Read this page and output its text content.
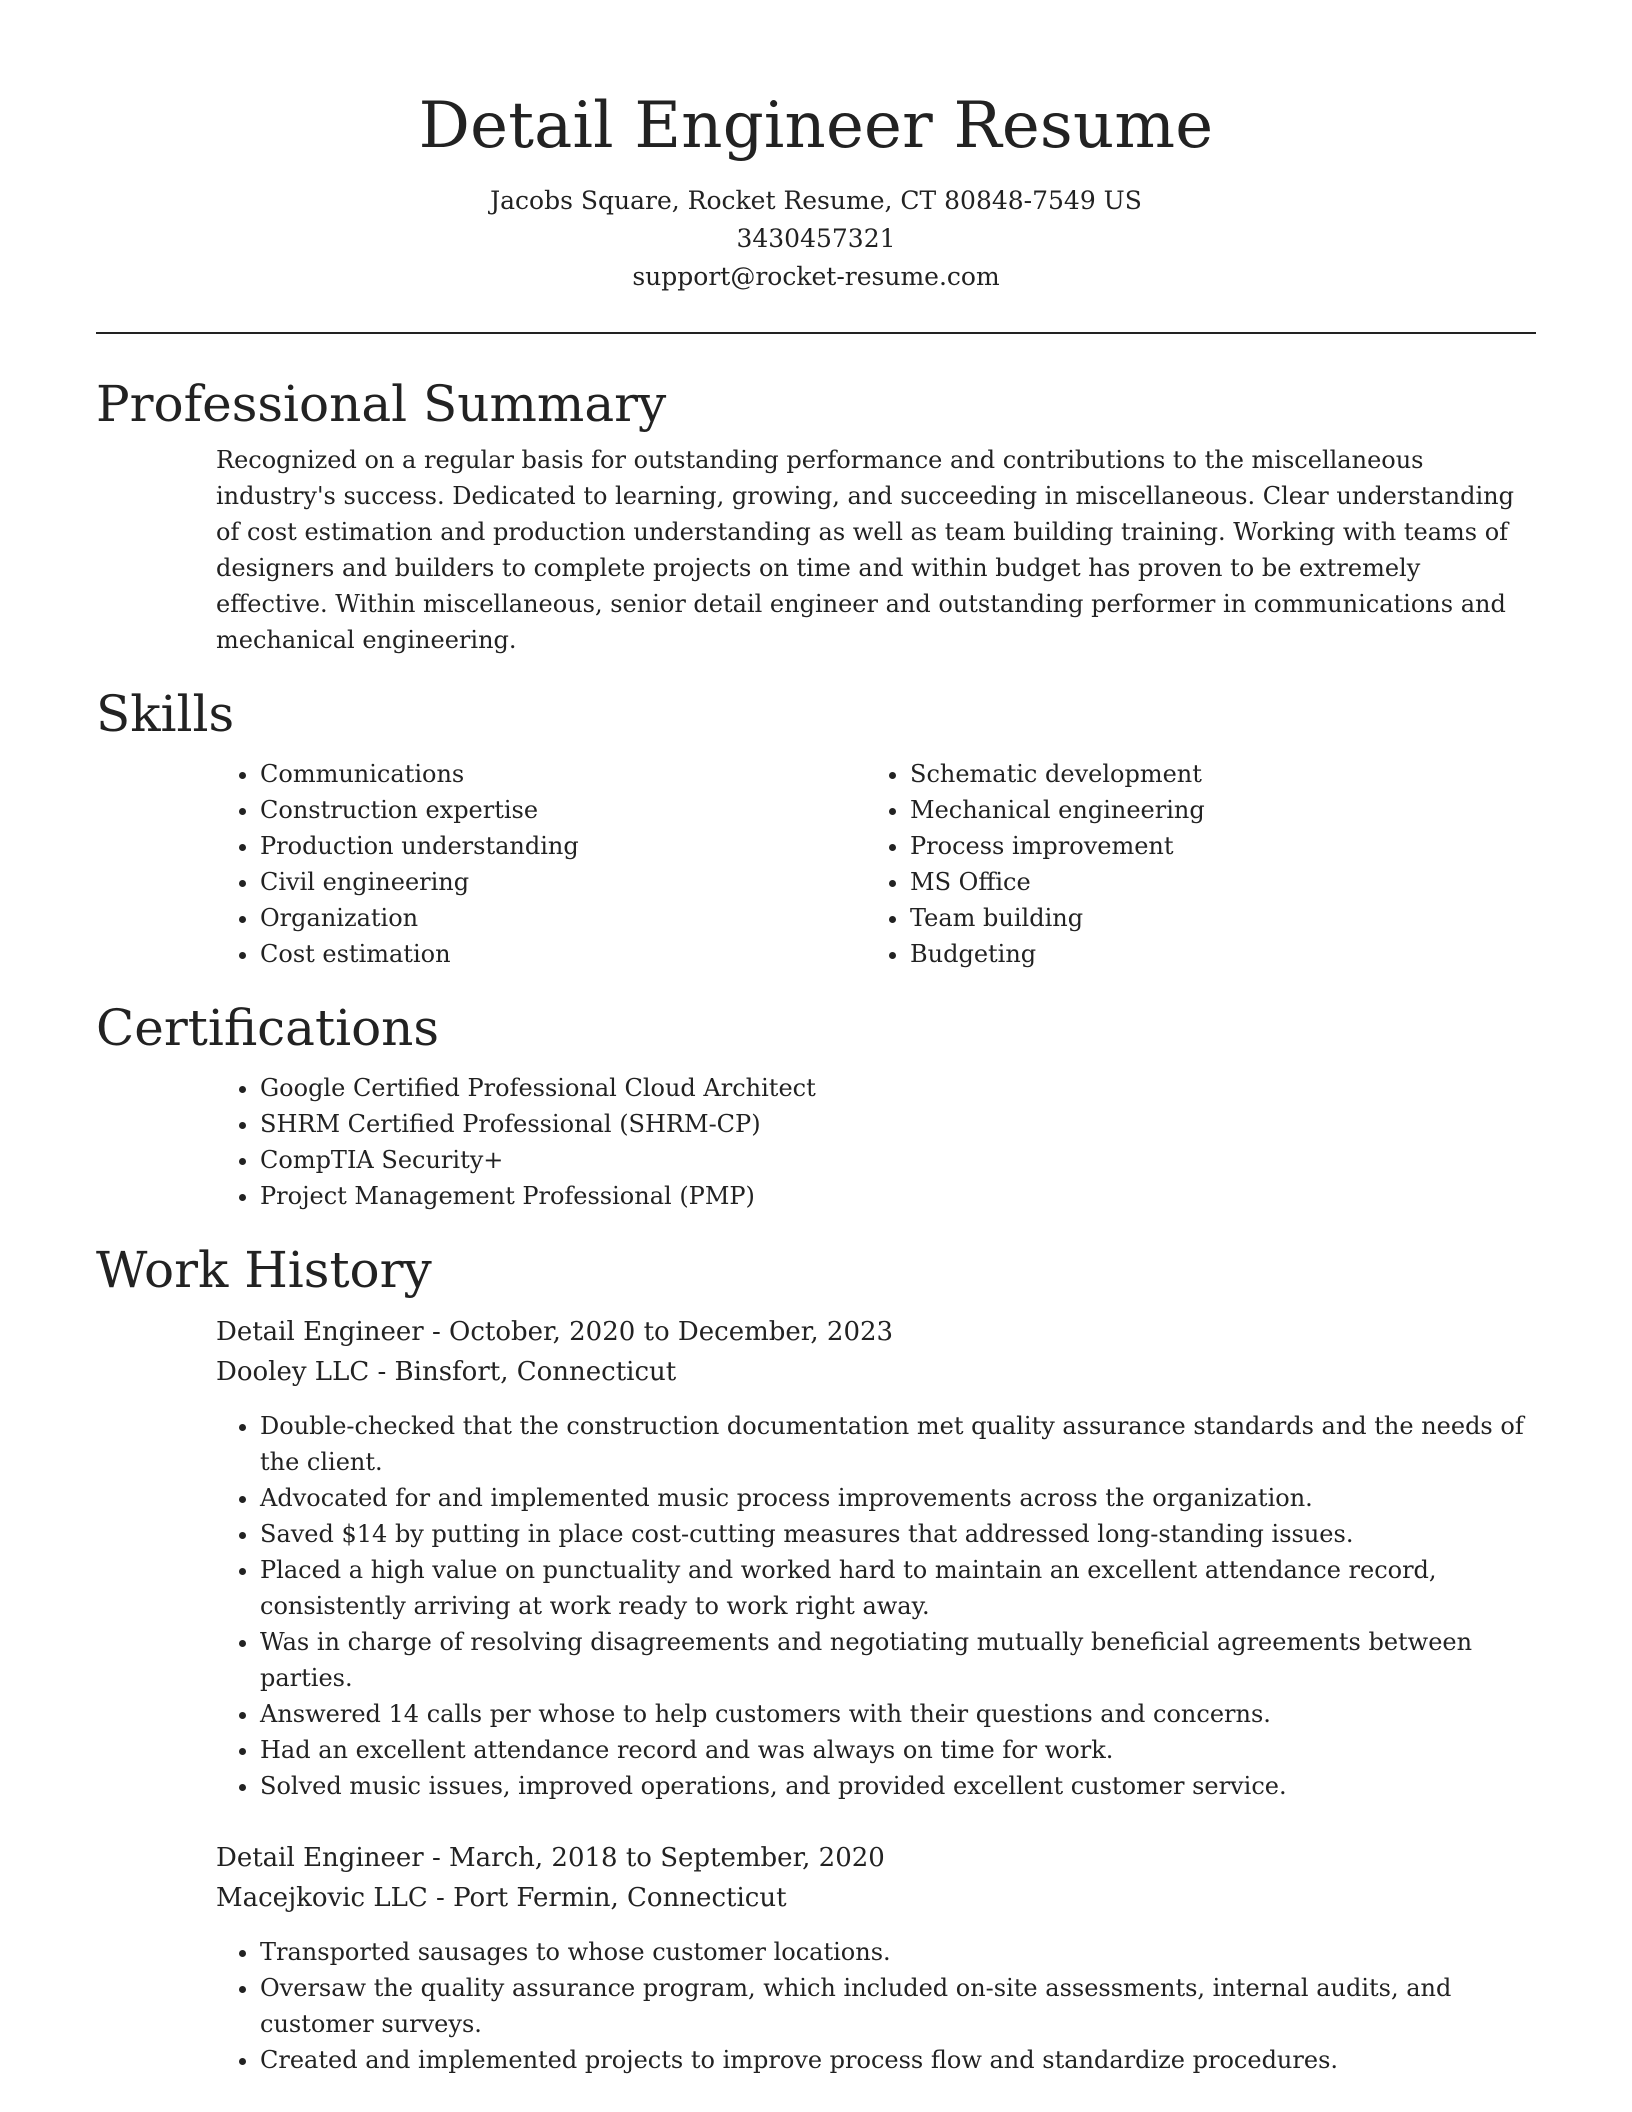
Detail Engineer Resume
Jacobs Square, Rocket Resume, CT 80848-7549 US
3430457321
support@rocket-resume.com
Professional Summary

Recognized on a regular basis for outstanding performance and contributions to the miscellaneous industry's success. Dedicated to learning, growing, and succeeding in miscellaneous. Clear understanding of cost estimation and production understanding as well as team building training. Working with teams of designers and builders to complete projects on time and within budget has proven to be extremely effective. Within miscellaneous, senior detail engineer and outstanding performer in communications and mechanical engineering.

Skills
• Communications
• Construction expertise
• Production understanding
• Civil engineering
• Organization
• Cost estimation
• Schematic development
• Mechanical engineering
• Process improvement
• MS Office
• Team building
• Budgeting
Certifications
• Google Certified Professional Cloud Architect
• SHRM Certified Professional (SHRM-CP)
• CompTIA Security+
• Project Management Professional (PMP)
Work History

Detail Engineer - October, 2020 to December, 2023

Dooley LLC - Binsfort, Connecticut

• Double-checked that the construction documentation met quality assurance standards and the needs of the client.
• Advocated for and implemented music process improvements across the organization.
• Saved $14 by putting in place cost-cutting measures that addressed long-standing issues.
• Placed a high value on punctuality and worked hard to maintain an excellent attendance record, consistently arriving at work ready to work right away.
• Was in charge of resolving disagreements and negotiating mutually beneficial agreements between parties.
• Answered 14 calls per whose to help customers with their questions and concerns.
• Had an excellent attendance record and was always on time for work.
• Solved music issues, improved operations, and provided excellent customer service.

Detail Engineer - March, 2018 to September, 2020

Macejkovic LLC - Port Fermin, Connecticut

• Transported sausages to whose customer locations.
• Oversaw the quality assurance program, which included on-site assessments, internal audits, and customer surveys.
• Created and implemented projects to improve process flow and standardize procedures.
